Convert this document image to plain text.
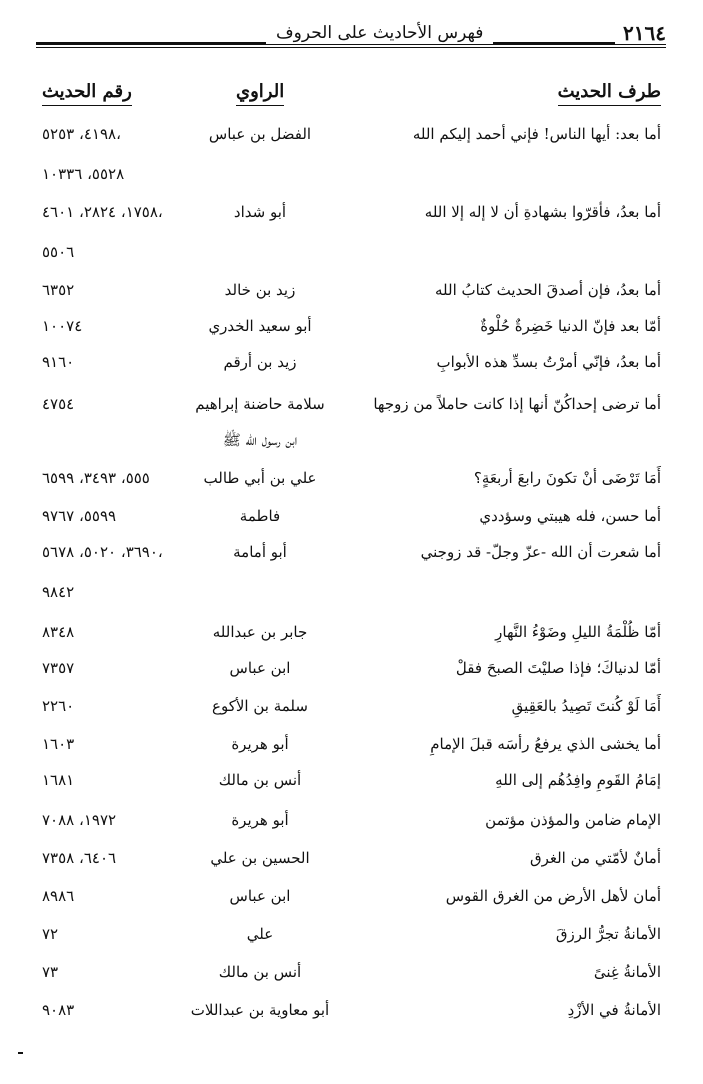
فهرس الأحاديث على الحروف	٢١٦٤
طرف الحديث
الراوي
رقم الحديث
أما بعد: أيها الناس! فإني أحمد إليكم الله
الفضل بن عباس
٤١٩٨، ٥٢٥٣،
٥٥٢٨، ١٠٣٣٦
أما بعدُ، فأقرّوا بشهادةِ أن لا إله إلا الله
أبو شداد
١٧٥٨، ٢٨٢٤، ٤٦٠١،
٥٥٠٦
أما بعدُ، فإن أصدقَ الحديث كتابُ الله
زيد بن خالد
٦٣٥٢
أمّا بعد فإنّ الدنيا خَضِرةٌ حُلْوةٌ
أبو سعيد الخدري
١٠٠٧٤
أما بعدُ، فإنّي أمرْتُ بسدِّ هذه الأبوابِ
زيد بن أرقم
٩١٦٠
أما ترضى إحداكُنّ أنها إذا كانت حاملاً من زوجها
سلامة حاضنة إبراهيم
٤٧٥٤
ابن رسول الله ﷺ
أَمَا تَرْضَى أنْ تكونَ رابعَ أربعَةٍ؟
علي بن أبي طالب
٥٥٥، ٣٤٩٣، ٦٥٩٩
أما حسن، فله هيبتي وسؤددي
فاطمة
٥٥٩٩، ٩٧٦٧
أما شعرت أن الله -عزّ وجلّ- قد زوجني
أبو أمامة
٣٦٩٠، ٥٠٢٠، ٥٦٧٨،
٩٨٤٢
أمّا ظُلْمَةُ الليلِ وضَوْءُ النَّهارِ
جابر بن عبدالله
٨٣٤٨
أمّا لدنياكَ؛ فإذا صليْتَ الصبحَ فقلْ
ابن عباس
٧٣٥٧
أَمَا لَوْ كُنتَ تَصِيدُ بالعَقِيقِ
سلمة بن الأكوع
٢٢٦٠
أما يخشى الذي يرفعُ رأسَه قبلَ الإمامِ
أبو هريرة
١٦٠٣
إمَامُ القَومِ وافِدُهُم إلى اللهِ
أنس بن مالك
١٦٨١
الإمام ضامن والمؤذن مؤتمن
أبو هريرة
١٩٧٢، ٧٠٨٨
أمانٌ لأمّتي من الغرق
الحسين بن علي
٦٤٠٦، ٧٣٥٨
أمان لأهل الأرض من الغرق القوس
ابن عباس
٨٩٨٦
الأمانةُ تجرُّ الرزقَ
علي
٧٢
الأمانةُ غِنىً
أنس بن مالك
٧٣
الأمانةُ في الأزْدِ
أبو معاوية بن عبداللات
٩٠٨٣
